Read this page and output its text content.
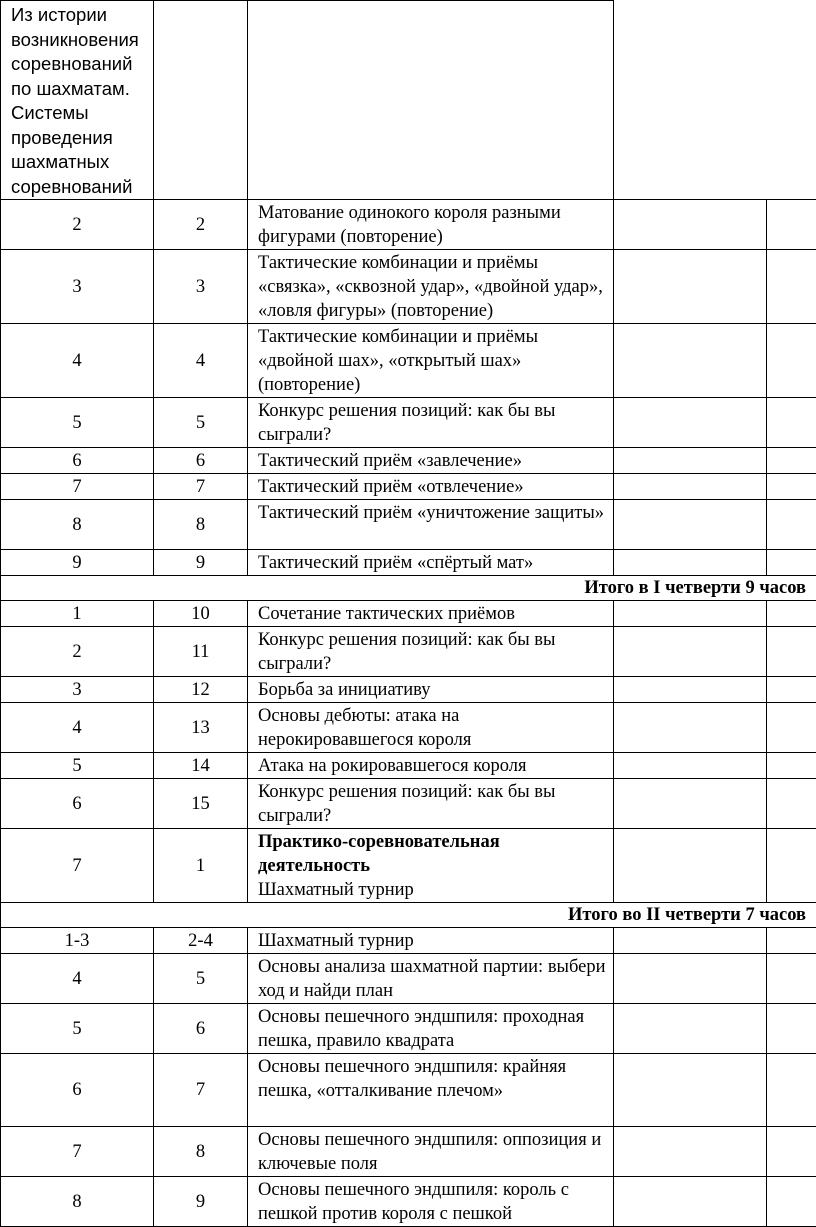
Из истории возникновения соревнований по шахматам. Системы проведения шахматных соревнований				
2	2	Матование одинокого короля разными фигурами (повторение)		
3	3	Тактические комбинации и приёмы «связка», «сквозной удар», «двойной удар», «ловля фигуры» (повторение)		
4	4	Тактические комбинации и приёмы «двойной шах», «открытый шах» (повторение)		
5	5	Конкурс решения позиций: как бы вы сыграли?		
6	6	Тактический приём «завлечение»		
7	7	Тактический приём «отвлечение»		
8	8	Тактический приём «уничтожение защиты»		
9	9	Тактический приём «спёртый мат»		
Итого в I четверти 9 часов				
1	10	Сочетание тактических приёмов		
2	11	Конкурс решения позиций: как бы вы сыграли?		
3	12	Борьба за инициативу		
4	13	Основы дебюты: атака на нерокировавшегося короля		
5	14	Атака на рокировавшегося короля		
6	15	Конкурс решения позиций: как бы вы сыграли?		
7	1	Практико-соревновательная деятельность
Шахматный турнир		

Итого во II четверти 7 часов				
1-3	2-4	Шахматный турнир		
4	5	Основы анализа шахматной партии: выбери ход и найди план		
5	6	Основы пешечного эндшпиля: проходная пешка, правило квадрата		
6	7	Основы пешечного эндшпиля: крайняя пешка, «отталкивание плечом»		
7	8	Основы пешечного эндшпиля: оппозиция и ключевые поля		
8	9	Основы пешечного эндшпиля: король с пешкой против короля с пешкой		
